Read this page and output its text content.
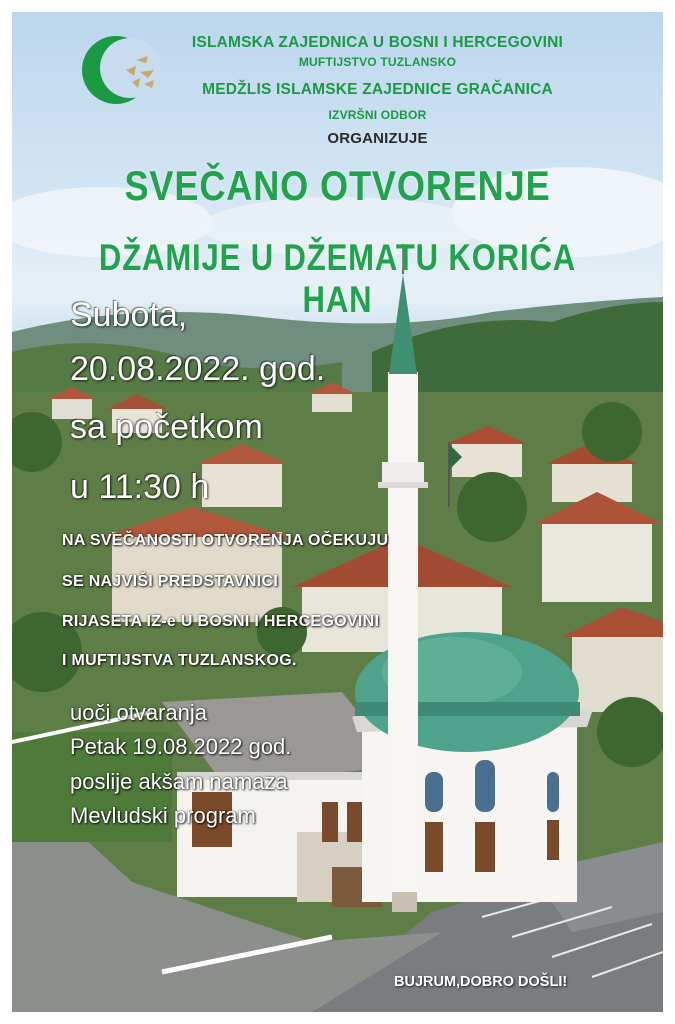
ISLAMSKA ZAJEDNICA U BOSNI I HERCEGOVINI
MUFTIJSTVO TUZLANSKO
MEDŽLIS ISLAMSKE ZAJEDNICE GRAČANICA
IZVRŠNI ODBOR
ORGANIZUJE
SVEČANO OTVORENJE
DŽAMIJE U DŽEMATU KORIĆA HAN
Subota,
20.08.2022. god.
sa početkom
u 11:30 h
NA SVEČANOSTI OTVORENJA OČEKUJU
SE NAJVIŠI PREDSTAVNICI
RIJASETA IZ-e U BOSNI I HERCEGOVINI
I MUFTIJSTVA TUZLANSKOG.
uoči otvaranja
Petak 19.08.2022 god.
poslije akšam namaza
Mevludski program
BUJRUM,DOBRO DOŠLI!
